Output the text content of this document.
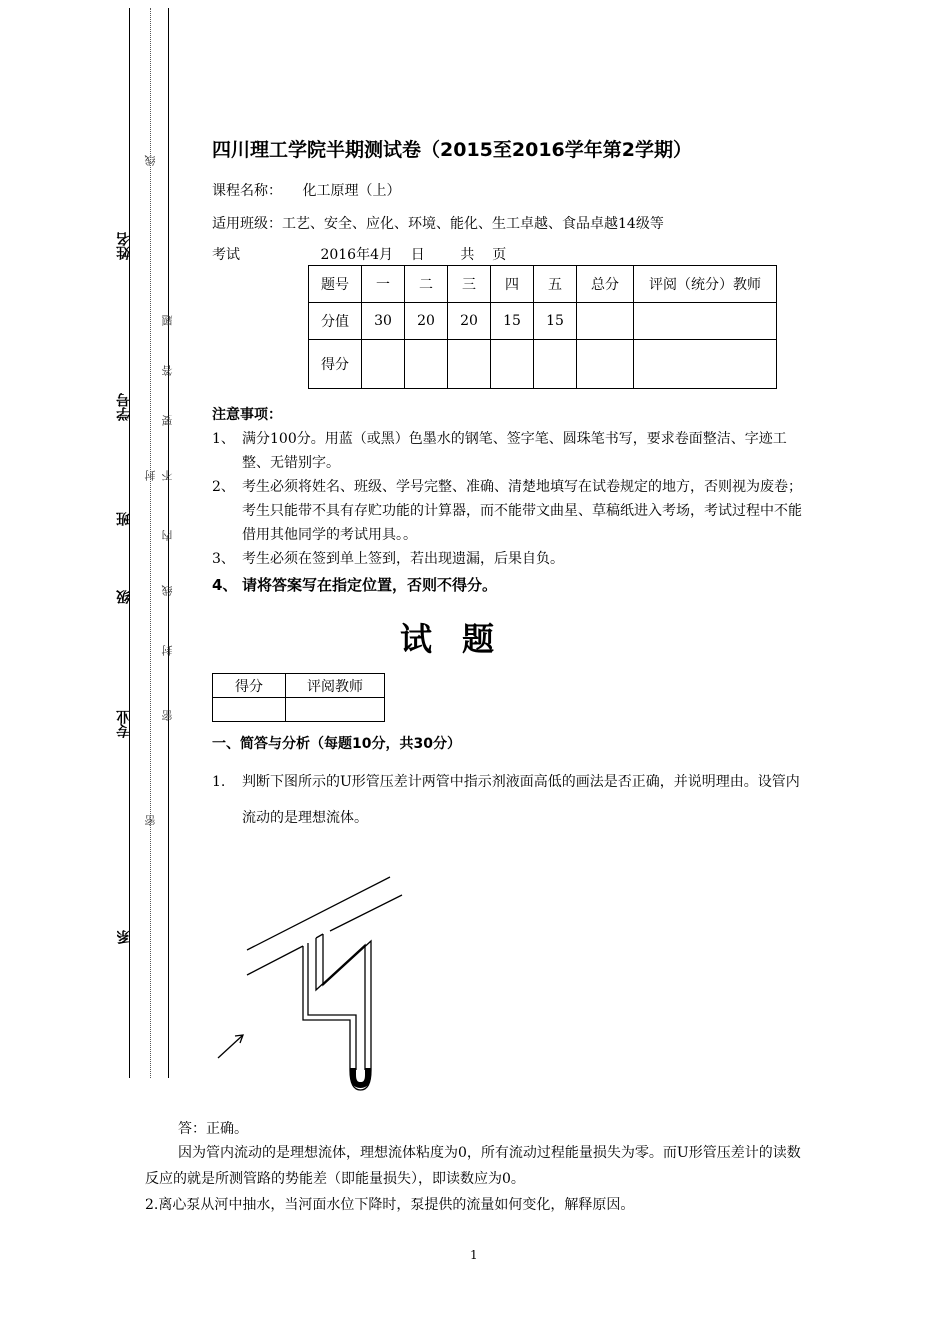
姓名
学号
班
级
专业
系
线
题
答
要
不
封
内
线
封
密
密
四川理工学院半期测试卷（2015至2016学年第2学期）
课程名称： 化工原理（上）
适用班级：工艺、安全、应化、环境、能化、生工卓越、食品卓越14级等
考试	2016年4月    日        共    页
题号	一	二	三	四	五	总分	评阅（统分）教师
分值	30	20	20	15	15		
得分							
注意事项：
1、 满分100分。用蓝（或黑）色墨水的钢笔、签字笔、圆珠笔书写，要求卷面整洁、字迹工整、无错别字。
2、 考生必须将姓名、班级、学号完整、准确、清楚地填写在试卷规定的地方，否则视为废卷；考生只能带不具有存贮功能的计算器，而不能带文曲星、草稿纸进入考场，考试过程中不能借用其他同学的考试用具。。
3、 考生必须在签到单上签到，若出现遗漏，后果自负。
4、 请将答案写在指定位置，否则不得分。
试题
得分	评阅教师

一、简答与分析（每题10分，共30分）
1.	判断下图所示的U形管压差计两管中指示剂液面高低的画法是否正确，并说明理由。设管内流动的是理想流体。
答：正确。
因为管内流动的是理想流体，理想流体粘度为0，所有流动过程能量损失为零。而U形管压差计的读数反应的就是所测管路的势能差（即能量损失），即读数应为0。
2.离心泵从河中抽水，当河面水位下降时，泵提供的流量如何变化，解释原因。
1
